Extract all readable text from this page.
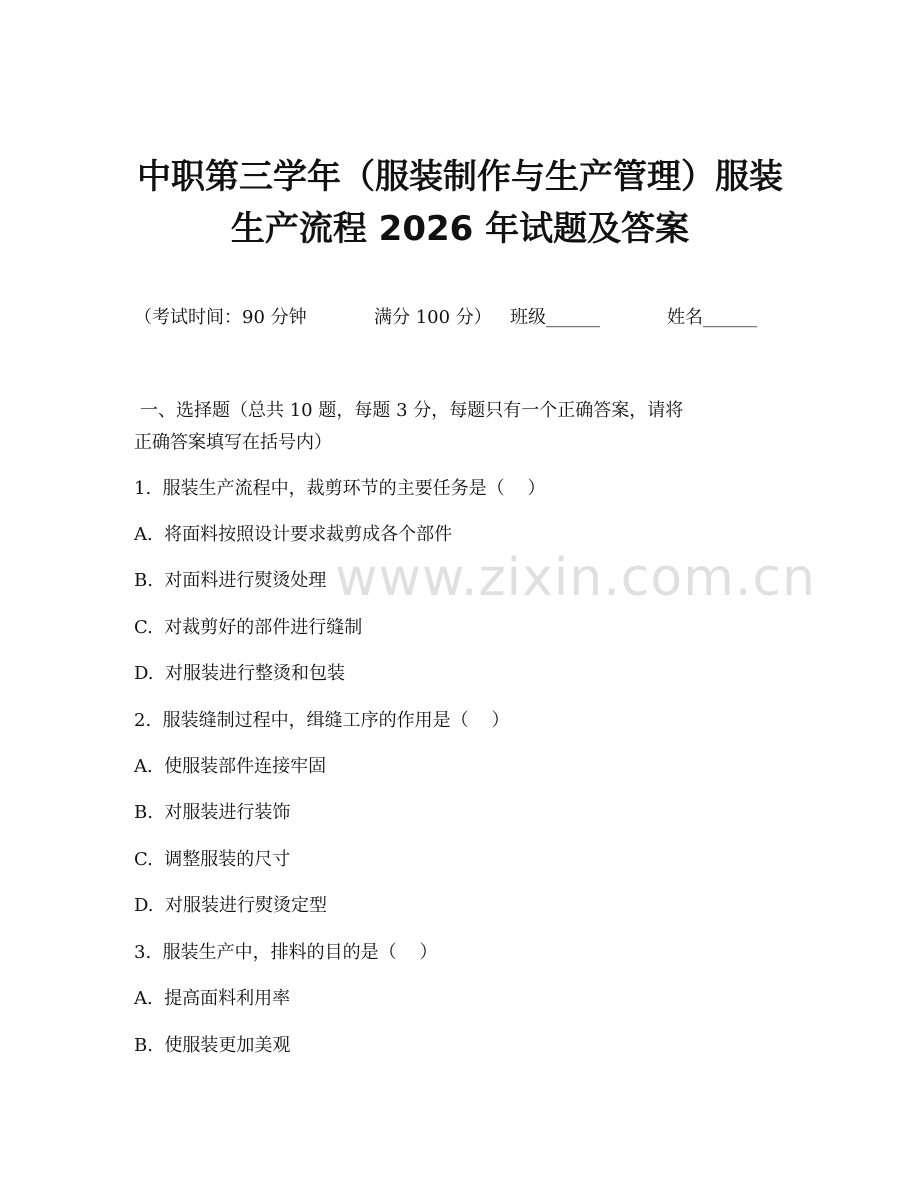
中职第三学年（服装制作与生产管理）服装
生产流程 2026 年试题及答案
（考试时间：90 分钟	满分 100 分） 班级______	姓名______
一、选择题（总共 10 题，每题 3 分，每题只有一个正确答案，请将
正确答案填写在括号内）
1.  服装生产流程中，裁剪环节的主要任务是（    ）
A.  将面料按照设计要求裁剪成各个部件
B.  对面料进行熨烫处理
C.  对裁剪好的部件进行缝制
D.  对服装进行整烫和包装
2.  服装缝制过程中，缉缝工序的作用是（    ）
A.  使服装部件连接牢固
B.  对服装进行装饰
C.  调整服装的尺寸
D.  对服装进行熨烫定型
3.  服装生产中，排料的目的是（    ）
A.  提高面料利用率
B.  使服装更加美观
www.zixin.com.cn
